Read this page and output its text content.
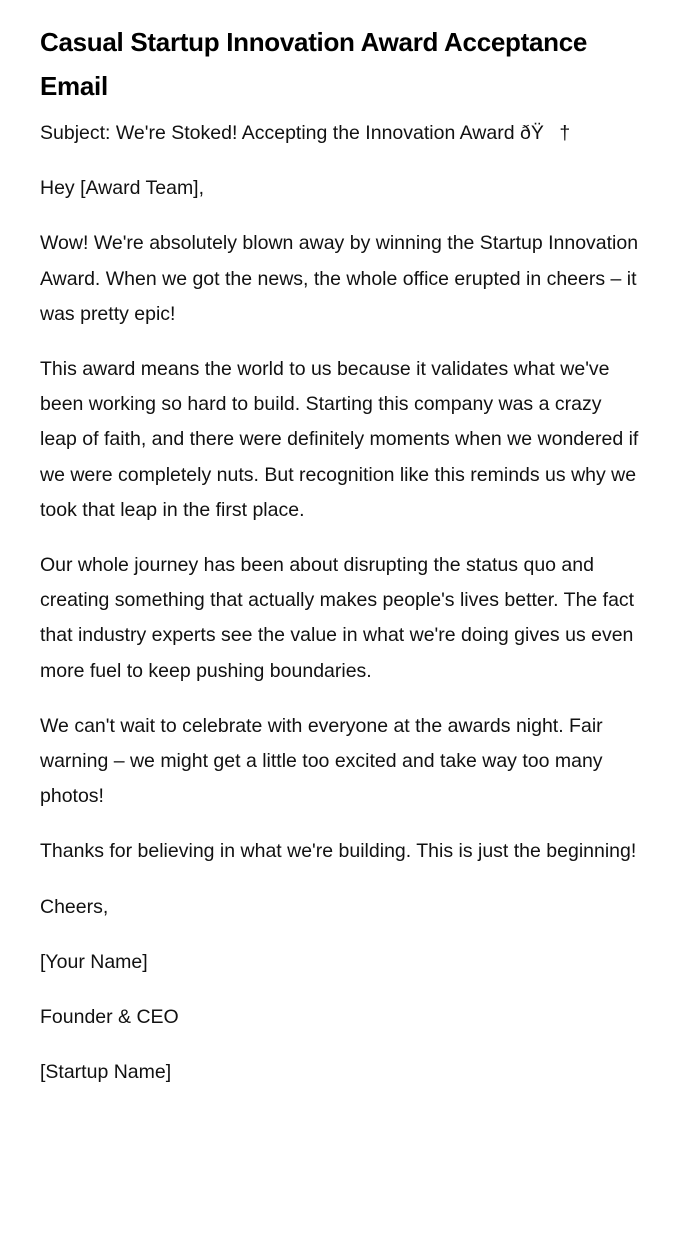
Casual Startup Innovation Award Acceptance Email

Subject: We're Stoked! Accepting the Innovation Award ðŸ†

Hey [Award Team],

Wow! We're absolutely blown away by winning the Startup Innovation Award. When we got the news, the whole office erupted in cheers – it was pretty epic!

This award means the world to us because it validates what we've been working so hard to build. Starting this company was a crazy leap of faith, and there were definitely moments when we wondered if we were completely nuts. But recognition like this reminds us why we took that leap in the first place.

Our whole journey has been about disrupting the status quo and creating something that actually makes people's lives better. The fact that industry experts see the value in what we're doing gives us even more fuel to keep pushing boundaries.

We can't wait to celebrate with everyone at the awards night. Fair warning – we might get a little too excited and take way too many photos!

Thanks for believing in what we're building. This is just the beginning!

Cheers,

[Your Name]

Founder & CEO

[Startup Name]
